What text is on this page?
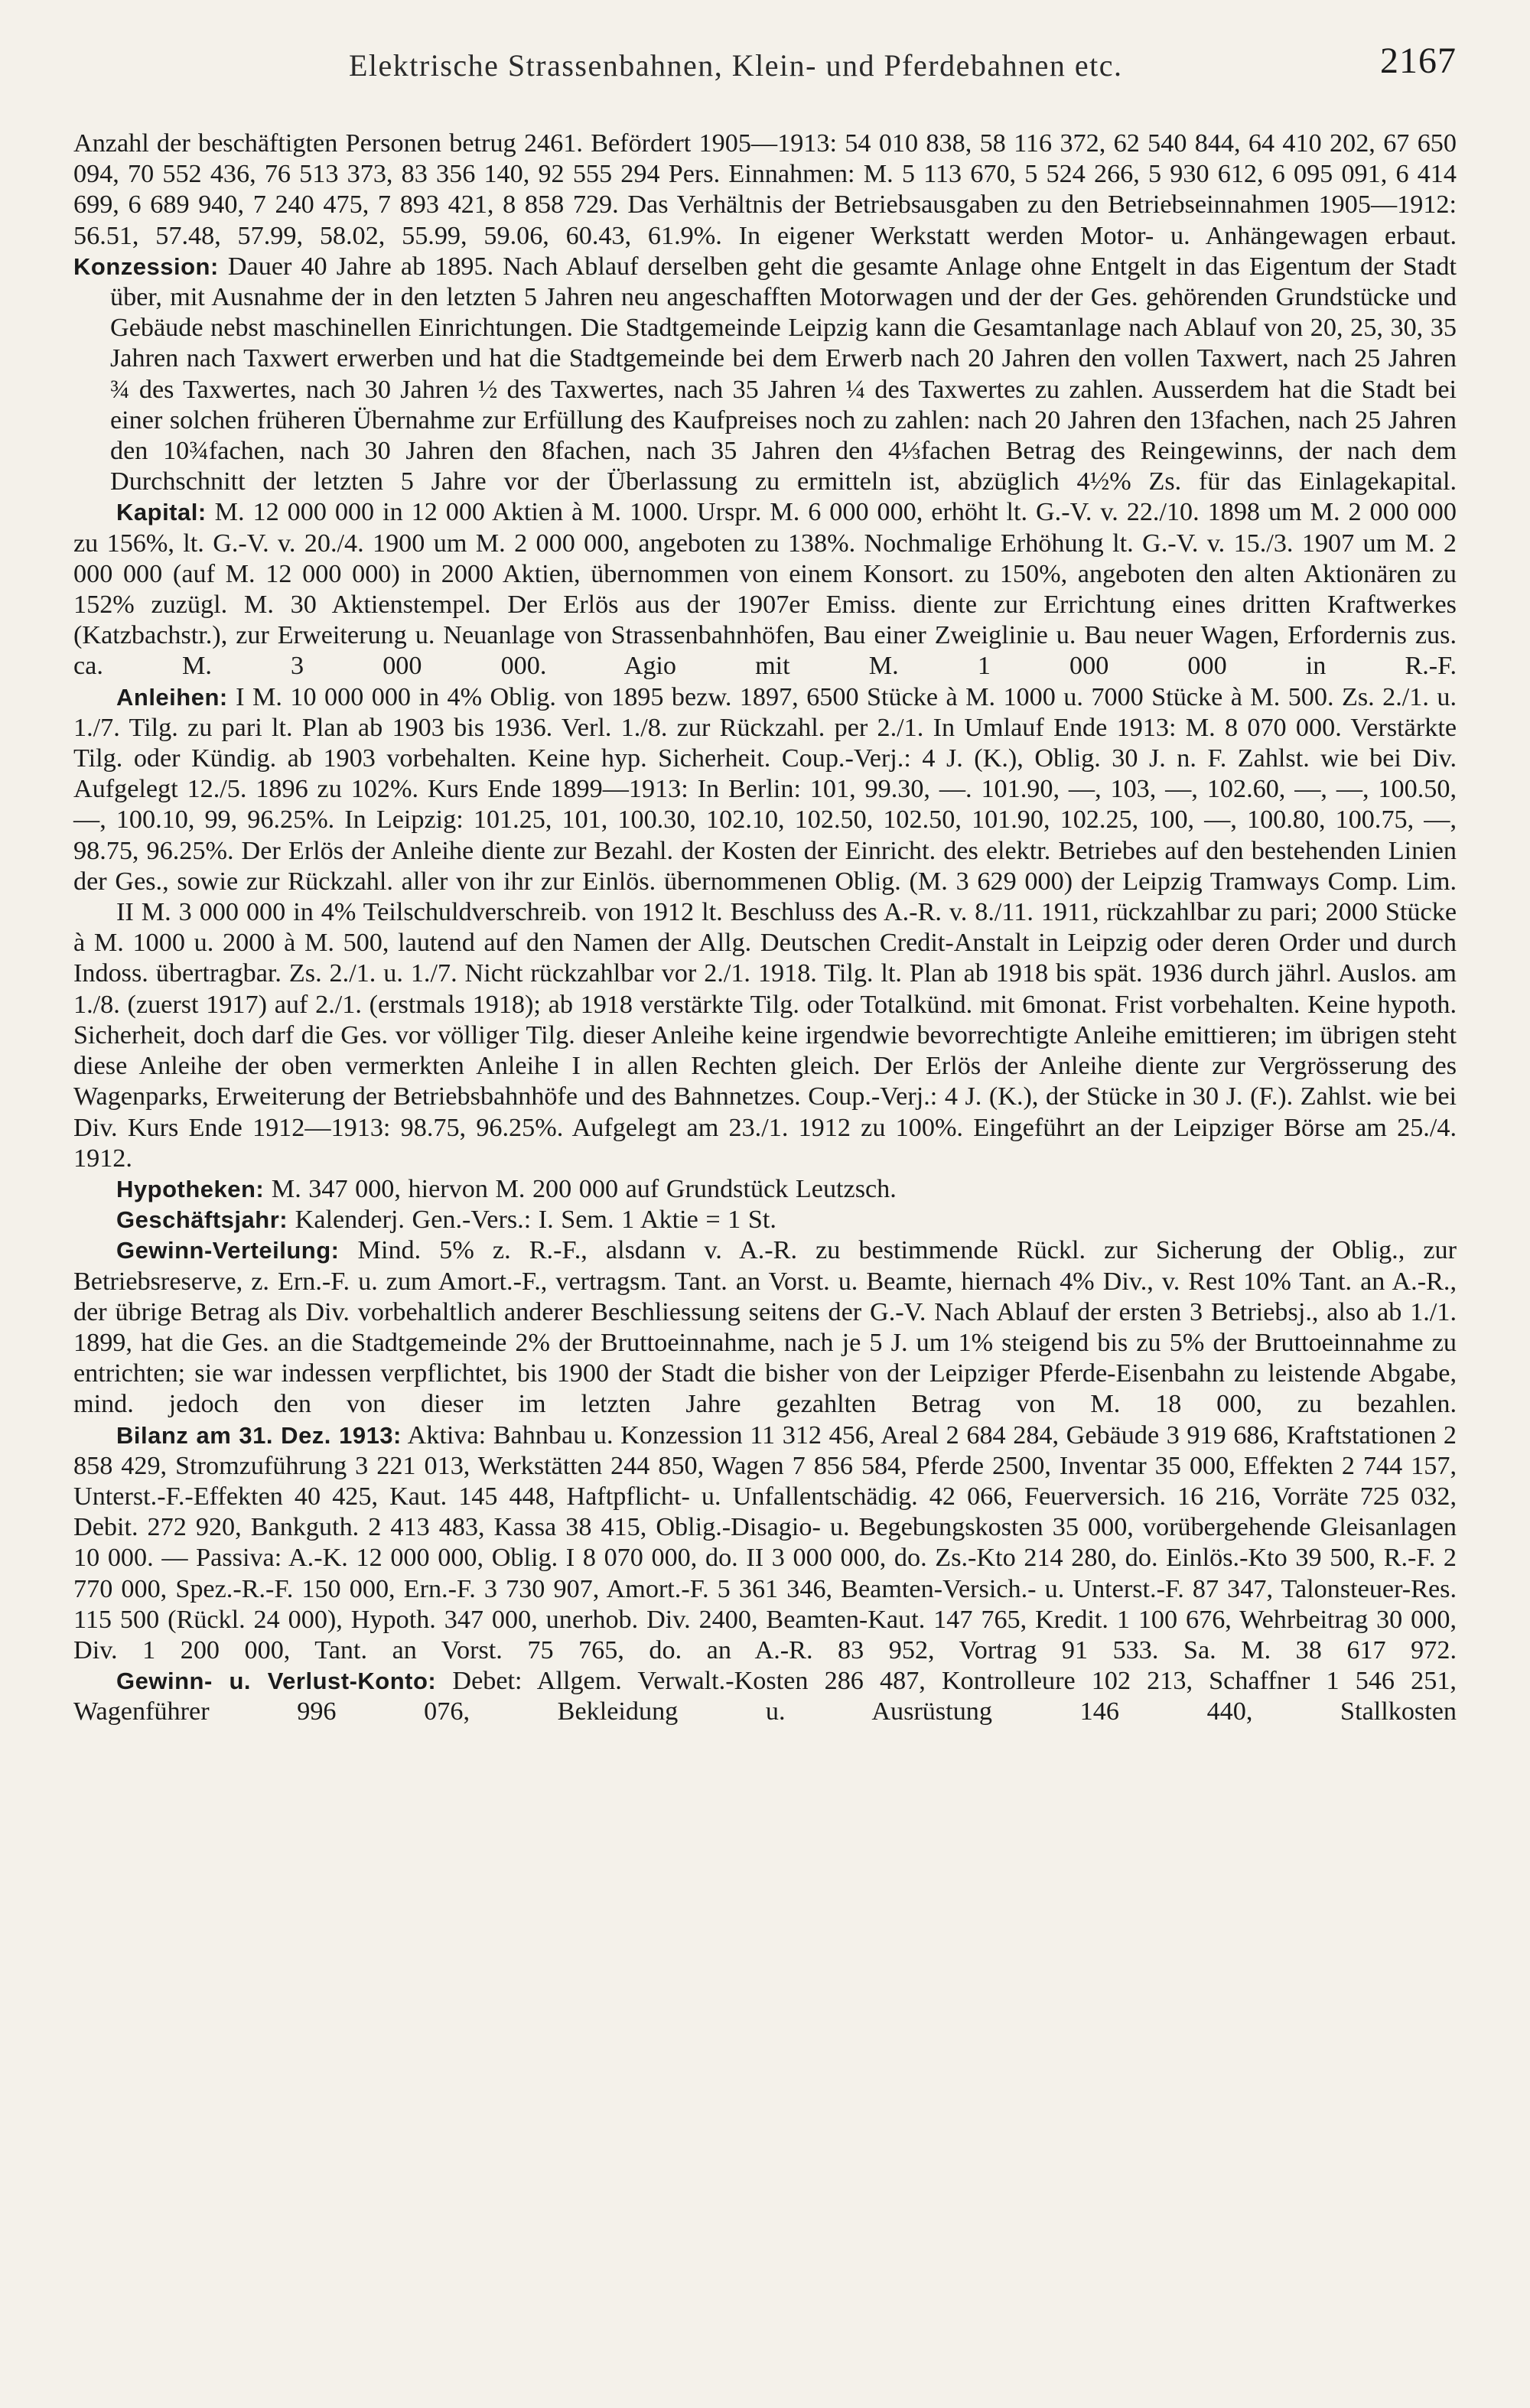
Elektrische Strassenbahnen, Klein- und Pferdebahnen etc.	2167

Anzahl der beschäftigten Personen betrug 2461. Befördert 1905—1913: 54 010 838, 58 116 372, 62 540 844, 64 410 202, 67 650 094, 70 552 436, 76 513 373, 83 356 140, 92 555 294 Pers. Einnahmen: M. 5 113 670, 5 524 266, 5 930 612, 6 095 091, 6 414 699, 6 689 940, 7 240 475, 7 893 421, 8 858 729. Das Verhältnis der Betriebsausgaben zu den Betriebseinnahmen 1905—1912: 56.51, 57.48, 57.99, 58.02, 55.99, 59.06, 60.43, 61.9%. In eigener Werkstatt werden Motor- u. Anhängewagen erbaut.

Konzession: Dauer 40 Jahre ab 1895. Nach Ablauf derselben geht die gesamte Anlage ohne Entgelt in das Eigentum der Stadt über, mit Ausnahme der in den letzten 5 Jahren neu angeschafften Motorwagen und der der Ges. gehörenden Grundstücke und Gebäude nebst maschinellen Einrichtungen. Die Stadtgemeinde Leipzig kann die Gesamtanlage nach Ablauf von 20, 25, 30, 35 Jahren nach Taxwert erwerben und hat die Stadtgemeinde bei dem Erwerb nach 20 Jahren den vollen Taxwert, nach 25 Jahren ¾ des Taxwertes, nach 30 Jahren ½ des Taxwertes, nach 35 Jahren ¼ des Taxwertes zu zahlen. Ausserdem hat die Stadt bei einer solchen früheren Übernahme zur Erfüllung des Kaufpreises noch zu zahlen: nach 20 Jahren den 13fachen, nach 25 Jahren den 10¾fachen, nach 30 Jahren den 8fachen, nach 35 Jahren den 4⅓fachen Betrag des Reingewinns, der nach dem Durchschnitt der letzten 5 Jahre vor der Überlassung zu ermitteln ist, abzüglich 4½% Zs. für das Einlagekapital.

Kapital: M. 12 000 000 in 12 000 Aktien à M. 1000. Urspr. M. 6 000 000, erhöht lt. G.-V. v. 22./10. 1898 um M. 2 000 000 zu 156%, lt. G.-V. v. 20./4. 1900 um M. 2 000 000, angeboten zu 138%. Nochmalige Erhöhung lt. G.-V. v. 15./3. 1907 um M. 2 000 000 (auf M. 12 000 000) in 2000 Aktien, übernommen von einem Konsort. zu 150%, angeboten den alten Aktionären zu 152% zuzügl. M. 30 Aktienstempel. Der Erlös aus der 1907er Emiss. diente zur Errichtung eines dritten Kraftwerkes (Katzbachstr.), zur Erweiterung u. Neuanlage von Strassenbahnhöfen, Bau einer Zweiglinie u. Bau neuer Wagen, Erfordernis zus. ca. M. 3 000 000. Agio mit M. 1 000 000 in R.-F.

Anleihen: I M. 10 000 000 in 4% Oblig. von 1895 bezw. 1897, 6500 Stücke à M. 1000 u. 7000 Stücke à M. 500. Zs. 2./1. u. 1./7. Tilg. zu pari lt. Plan ab 1903 bis 1936. Verl. 1./8. zur Rückzahl. per 2./1. In Umlauf Ende 1913: M. 8 070 000. Verstärkte Tilg. oder Kündig. ab 1903 vorbehalten. Keine hyp. Sicherheit. Coup.-Verj.: 4 J. (K.), Oblig. 30 J. n. F. Zahlst. wie bei Div. Aufgelegt 12./5. 1896 zu 102%. Kurs Ende 1899—1913: In Berlin: 101, 99.30, —. 101.90, —, 103, —, 102.60, —, —, 100.50, —, 100.10, 99, 96.25%. In Leipzig: 101.25, 101, 100.30, 102.10, 102.50, 102.50, 101.90, 102.25, 100, —, 100.80, 100.75, —, 98.75, 96.25%. Der Erlös der Anleihe diente zur Bezahl. der Kosten der Einricht. des elektr. Betriebes auf den bestehenden Linien der Ges., sowie zur Rückzahl. aller von ihr zur Einlös. übernommenen Oblig. (M. 3 629 000) der Leipzig Tramways Comp. Lim.

II M. 3 000 000 in 4% Teilschuldverschreib. von 1912 lt. Beschluss des A.-R. v. 8./11. 1911, rückzahlbar zu pari; 2000 Stücke à M. 1000 u. 2000 à M. 500, lautend auf den Namen der Allg. Deutschen Credit-Anstalt in Leipzig oder deren Order und durch Indoss. übertragbar. Zs. 2./1. u. 1./7. Nicht rückzahlbar vor 2./1. 1918. Tilg. lt. Plan ab 1918 bis spät. 1936 durch jährl. Auslos. am 1./8. (zuerst 1917) auf 2./1. (erstmals 1918); ab 1918 verstärkte Tilg. oder Totalkünd. mit 6monat. Frist vorbehalten. Keine hypoth. Sicherheit, doch darf die Ges. vor völliger Tilg. dieser Anleihe keine irgendwie bevorrechtigte Anleihe emittieren; im übrigen steht diese Anleihe der oben vermerkten Anleihe I in allen Rechten gleich. Der Erlös der Anleihe diente zur Vergrösserung des Wagenparks, Erweiterung der Betriebsbahnhöfe und des Bahnnetzes. Coup.-Verj.: 4 J. (K.), der Stücke in 30 J. (F.). Zahlst. wie bei Div. Kurs Ende 1912—1913: 98.75, 96.25%. Aufgelegt am 23./1. 1912 zu 100%. Eingeführt an der Leipziger Börse am 25./4. 1912.

Hypotheken: M. 347 000, hiervon M. 200 000 auf Grundstück Leutzsch.

Geschäftsjahr: Kalenderj. Gen.-Vers.: I. Sem. 1 Aktie = 1 St.

Gewinn-Verteilung: Mind. 5% z. R.-F., alsdann v. A.-R. zu bestimmende Rückl. zur Sicherung der Oblig., zur Betriebsreserve, z. Ern.-F. u. zum Amort.-F., vertragsm. Tant. an Vorst. u. Beamte, hiernach 4% Div., v. Rest 10% Tant. an A.-R., der übrige Betrag als Div. vorbehaltlich anderer Beschliessung seitens der G.-V. Nach Ablauf der ersten 3 Betriebsj., also ab 1./1. 1899, hat die Ges. an die Stadtgemeinde 2% der Bruttoeinnahme, nach je 5 J. um 1% steigend bis zu 5% der Bruttoeinnahme zu entrichten; sie war indessen verpflichtet, bis 1900 der Stadt die bisher von der Leipziger Pferde-Eisenbahn zu leistende Abgabe, mind. jedoch den von dieser im letzten Jahre gezahlten Betrag von M. 18 000, zu bezahlen.

Bilanz am 31. Dez. 1913: Aktiva: Bahnbau u. Konzession 11 312 456, Areal 2 684 284, Gebäude 3 919 686, Kraftstationen 2 858 429, Stromzuführung 3 221 013, Werkstätten 244 850, Wagen 7 856 584, Pferde 2500, Inventar 35 000, Effekten 2 744 157, Unterst.-F.-Effekten 40 425, Kaut. 145 448, Haftpflicht- u. Unfallentschädig. 42 066, Feuerversich. 16 216, Vorräte 725 032, Debit. 272 920, Bankguth. 2 413 483, Kassa 38 415, Oblig.-Disagio- u. Begebungskosten 35 000, vorübergehende Gleisanlagen 10 000. — Passiva: A.-K. 12 000 000, Oblig. I 8 070 000, do. II 3 000 000, do. Zs.-Kto 214 280, do. Einlös.-Kto 39 500, R.-F. 2 770 000, Spez.-R.-F. 150 000, Ern.-F. 3 730 907, Amort.-F. 5 361 346, Beamten-Versich.- u. Unterst.-F. 87 347, Talonsteuer-Res. 115 500 (Rückl. 24 000), Hypoth. 347 000, unerhob. Div. 2400, Beamten-Kaut. 147 765, Kredit. 1 100 676, Wehrbeitrag 30 000, Div. 1 200 000, Tant. an Vorst. 75 765, do. an A.-R. 83 952, Vortrag 91 533. Sa. M. 38 617 972.

Gewinn- u. Verlust-Konto: Debet: Allgem. Verwalt.-Kosten 286 487, Kontrolleure 102 213, Schaffner 1 546 251, Wagenführer 996 076, Bekleidung u. Ausrüstung 146 440, Stallkosten
